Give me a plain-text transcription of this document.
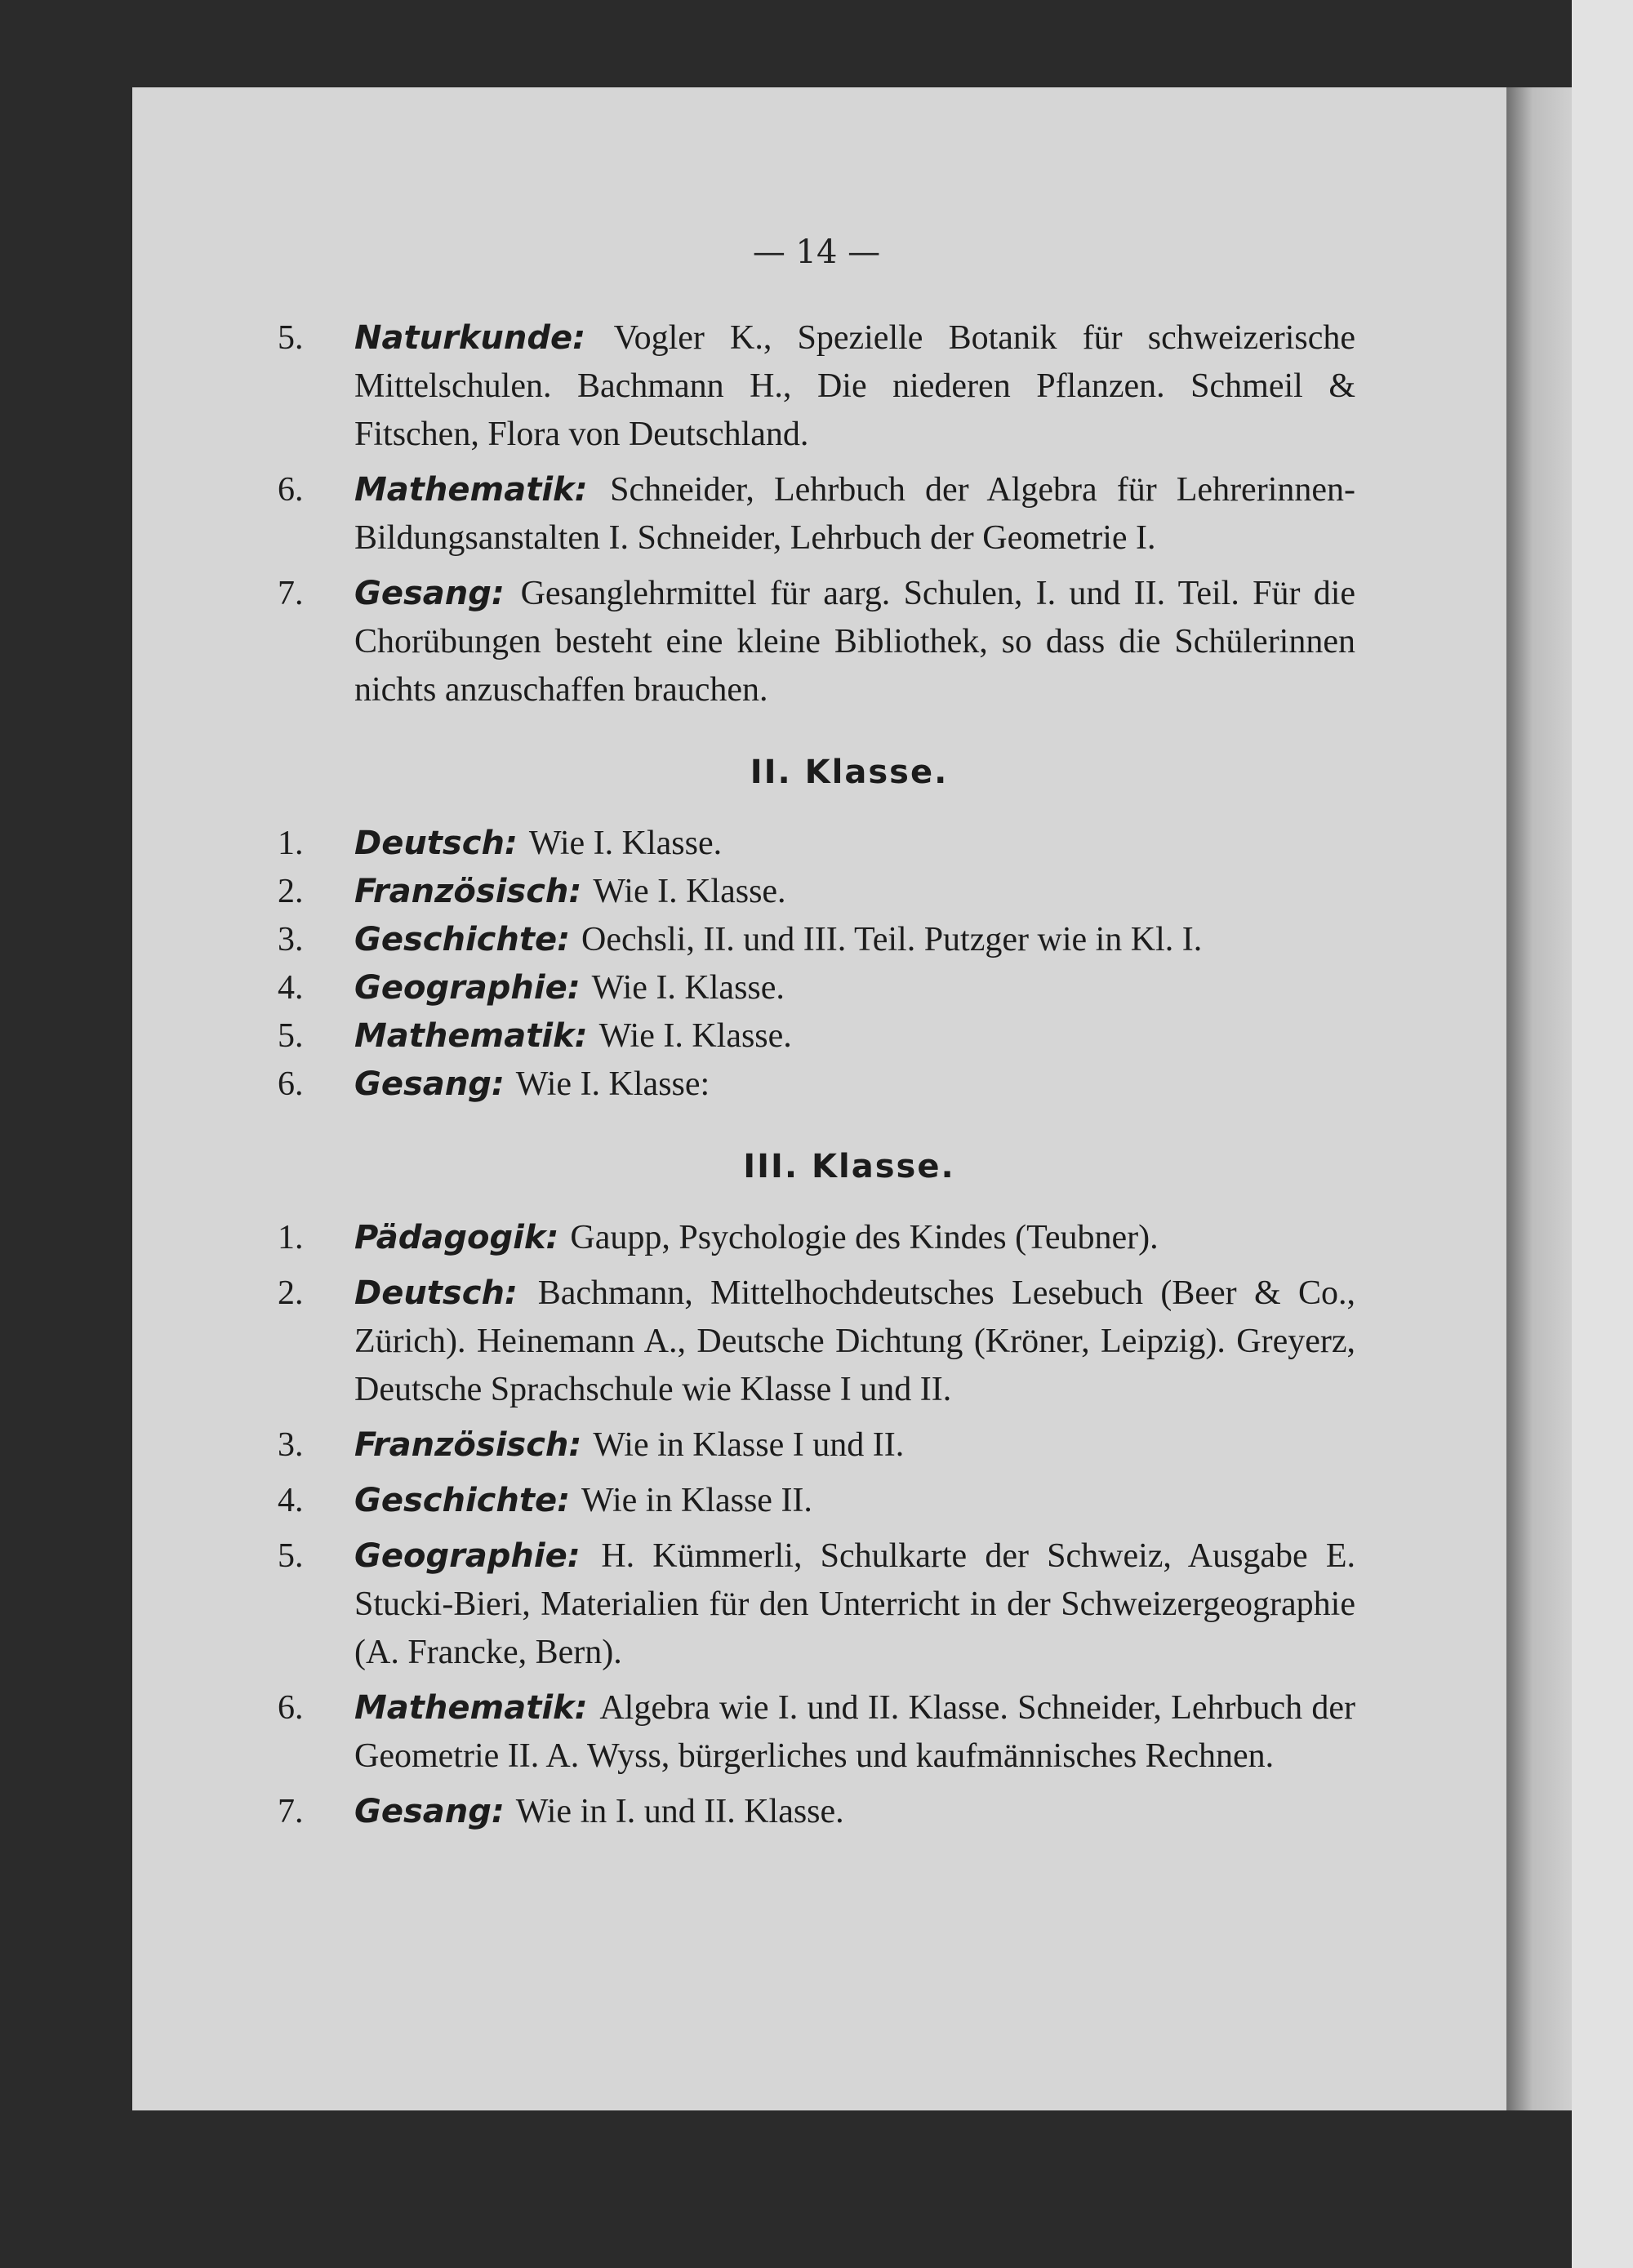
— 14 —
5. Naturkunde: Vogler K., Spezielle Botanik für schweizerische Mittelschulen. Bachmann H., Die niederen Pflanzen. Schmeil & Fitschen, Flora von Deutschland.
6. Mathematik: Schneider, Lehrbuch der Algebra für Lehrerinnen-Bildungsanstalten I. Schneider, Lehrbuch der Geometrie I.
7. Gesang: Gesanglehrmittel für aarg. Schulen, I. und II. Teil. Für die Chorübungen besteht eine kleine Bibliothek, so dass die Schülerinnen nichts anzuschaffen brauchen.
II. Klasse.
1. Deutsch: Wie I. Klasse.
2. Französisch: Wie I. Klasse.
3. Geschichte: Oechsli, II. und III. Teil. Putzger wie in Kl. I.
4. Geographie: Wie I. Klasse.
5. Mathematik: Wie I. Klasse.
6. Gesang: Wie I. Klasse:
III. Klasse.
1. Pädagogik: Gaupp, Psychologie des Kindes (Teubner).
2. Deutsch: Bachmann, Mittelhochdeutsches Lesebuch (Beer & Co., Zürich). Heinemann A., Deutsche Dichtung (Kröner, Leipzig). Greyerz, Deutsche Sprachschule wie Klasse I und II.
3. Französisch: Wie in Klasse I und II.
4. Geschichte: Wie in Klasse II.
5. Geographie: H. Kümmerli, Schulkarte der Schweiz, Ausgabe E. Stucki-Bieri, Materialien für den Unterricht in der Schweizergeographie (A. Francke, Bern).
6. Mathematik: Algebra wie I. und II. Klasse. Schneider, Lehrbuch der Geometrie II. A. Wyss, bürgerliches und kaufmännisches Rechnen.
7. Gesang: Wie in I. und II. Klasse.
